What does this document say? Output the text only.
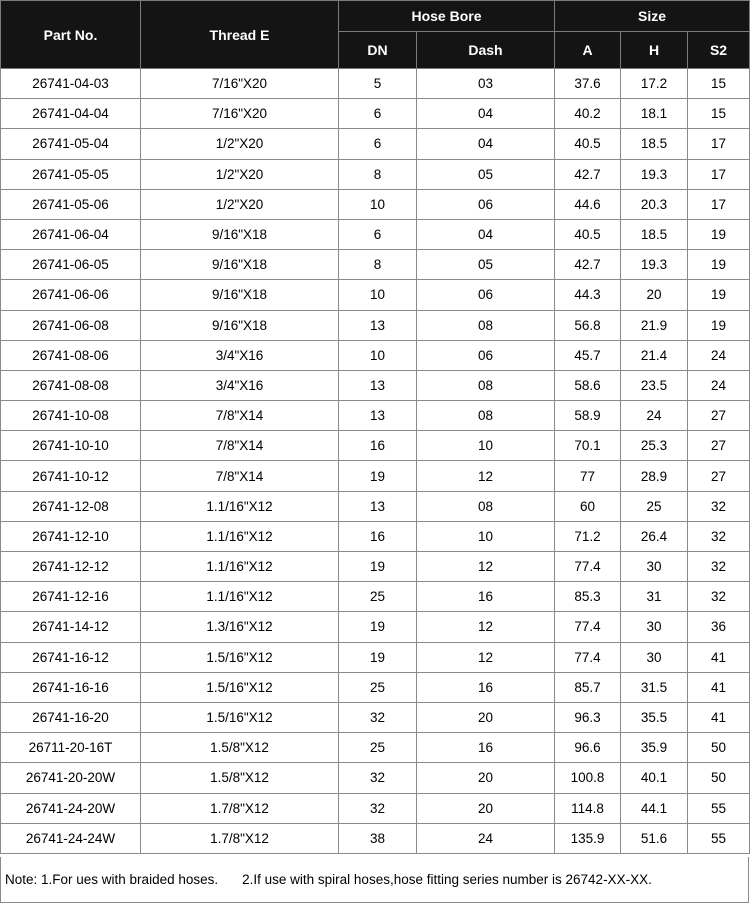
Part No.	Thread E	Hose Bore		Size		
		DN	Dash	A	H	S2
26741-04-03	7/16"X20	5	03	37.6	17.2	15
26741-04-04	7/16"X20	6	04	40.2	18.1	15
26741-05-04	1/2"X20	6	04	40.5	18.5	17
26741-05-05	1/2"X20	8	05	42.7	19.3	17
26741-05-06	1/2"X20	10	06	44.6	20.3	17
26741-06-04	9/16"X18	6	04	40.5	18.5	19
26741-06-05	9/16"X18	8	05	42.7	19.3	19
26741-06-06	9/16"X18	10	06	44.3	20	19
26741-06-08	9/16"X18	13	08	56.8	21.9	19
26741-08-06	3/4"X16	10	06	45.7	21.4	24
26741-08-08	3/4"X16	13	08	58.6	23.5	24
26741-10-08	7/8"X14	13	08	58.9	24	27
26741-10-10	7/8"X14	16	10	70.1	25.3	27
26741-10-12	7/8"X14	19	12	77	28.9	27
26741-12-08	1.1/16"X12	13	08	60	25	32
26741-12-10	1.1/16"X12	16	10	71.2	26.4	32
26741-12-12	1.1/16"X12	19	12	77.4	30	32
26741-12-16	1.1/16"X12	25	16	85.3	31	32
26741-14-12	1.3/16"X12	19	12	77.4	30	36
26741-16-12	1.5/16"X12	19	12	77.4	30	41
26741-16-16	1.5/16"X12	25	16	85.7	31.5	41
26741-16-20	1.5/16"X12	32	20	96.3	35.5	41
26711-20-16T	1.5/8"X12	25	16	96.6	35.9	50
26741-20-20W	1.5/8"X12	32	20	100.8	40.1	50
26741-24-20W	1.7/8"X12	32	20	114.8	44.1	55
26741-24-24W	1.7/8"X12	38	24	135.9	51.6	55
Note: 1.For ues with braided hoses. 2.If use with spiral hoses,hose fitting series number is 26742-XX-XX.
